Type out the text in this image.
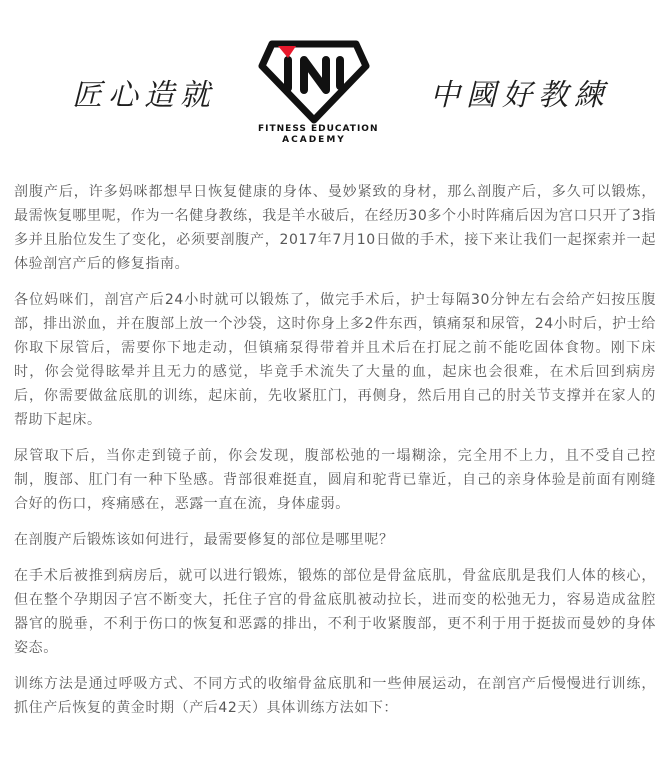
匠心造就
FITNESS EDUCATION
ACADEMY
中國好教練

剖腹产后，许多妈咪都想早日恢复健康的身体、曼妙紧致的身材，那么剖腹产后，多久可以锻炼，最需恢复哪里呢，作为一名健身教练，我是羊水破后，在经历30多个小时阵痛后因为宫口只开了3指多并且胎位发生了变化，必须要剖腹产，2017年7月10日做的手术，接下来让我们一起探索并一起体验剖宫产后的修复指南。

各位妈咪们，剖宫产后24小时就可以锻炼了，做完手术后，护士每隔30分钟左右会给产妇按压腹部，排出淤血，并在腹部上放一个沙袋，这时你身上多2件东西，镇痛泵和尿管，24小时后，护士给你取下尿管后，需要你下地走动，但镇痛泵得带着并且术后在打屁之前不能吃固体食物。刚下床时，你会觉得眩晕并且无力的感觉，毕竟手术流失了大量的血，起床也会很难，在术后回到病房后，你需要做盆底肌的训练，起床前，先收紧肛门，再侧身，然后用自己的肘关节支撑并在家人的帮助下起床。

尿管取下后，当你走到镜子前，你会发现，腹部松弛的一塌糊涂，完全用不上力，且不受自己控制，腹部、肛门有一种下坠感。背部很难挺直，圆肩和驼背已靠近，自己的亲身体验是前面有刚缝合好的伤口，疼痛感在，恶露一直在流，身体虚弱。

在剖腹产后锻炼该如何进行，最需要修复的部位是哪里呢？

在手术后被推到病房后，就可以进行锻炼，锻炼的部位是骨盆底肌，骨盆底肌是我们人体的核心，但在整个孕期因子宫不断变大，托住子宫的骨盆底肌被动拉长，进而变的松弛无力，容易造成盆腔器官的脱垂，不利于伤口的恢复和恶露的排出，不利于收紧腹部，更不利于用于挺拔而曼妙的身体姿态。

训练方法是通过呼吸方式、不同方式的收缩骨盆底肌和一些伸展运动，在剖宫产后慢慢进行训练，抓住产后恢复的黄金时期（产后42天）具体训练方法如下：
